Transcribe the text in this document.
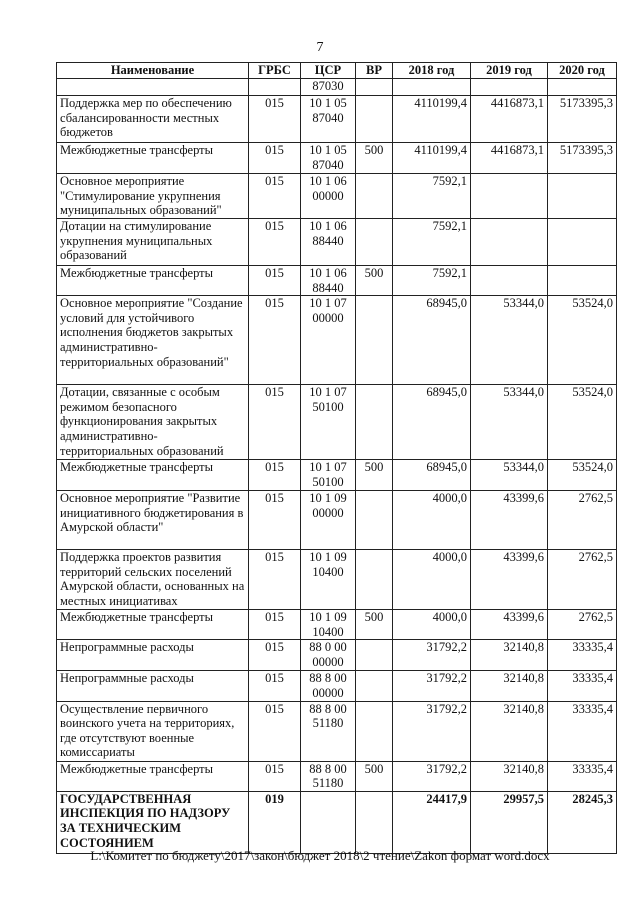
7
Наименование	ГРБС	ЦСР	ВР	2018 год	2019 год	2020 год
		87030				
Поддержка мер по обеспечению сбалансированности местных бюджетов	015	10 1 05 87040		4110199,4	4416873,1	5173395,3
Межбюджетные трансферты	015	10 1 05 87040	500	4110199,4	4416873,1	5173395,3
Основное мероприятие "Стимулирование укрупнения муниципальных образований"	015	10 1 06 00000		7592,1		
Дотации на стимулирование укрупнения муниципальных образований	015	10 1 06 88440		7592,1		
Межбюджетные трансферты	015	10 1 06 88440	500	7592,1		
Основное мероприятие "Создание условий для устойчивого исполнения бюджетов закрытых административно-территориальных образований"	015	10 1 07 00000		68945,0	53344,0	53524,0
Дотации, связанные с особым режимом безопасного функционирования закрытых административно-территориальных образований	015	10 1 07 50100		68945,0	53344,0	53524,0
Межбюджетные трансферты	015	10 1 07 50100	500	68945,0	53344,0	53524,0
Основное мероприятие "Развитие инициативного бюджетирования в Амурской области"	015	10 1 09 00000		4000,0	43399,6	2762,5
Поддержка проектов развития территорий сельских поселений Амурской области, основанных на местных инициативах	015	10 1 09 10400		4000,0	43399,6	2762,5
Межбюджетные трансферты	015	10 1 09 10400	500	4000,0	43399,6	2762,5
Непрограммные расходы	015	88 0 00 00000		31792,2	32140,8	33335,4
Непрограммные расходы	015	88 8 00 00000		31792,2	32140,8	33335,4
Осуществление первичного воинского учета на территориях, где отсутствуют военные комиссариаты	015	88 8 00 51180		31792,2	32140,8	33335,4
Межбюджетные трансферты	015	88 8 00 51180	500	31792,2	32140,8	33335,4
ГОСУДАРСТВЕННАЯ ИНСПЕКЦИЯ ПО НАДЗОРУ ЗА ТЕХНИЧЕСКИМ СОСТОЯНИЕМ	019			24417,9	29957,5	28245,3
L:\Комитет по бюджету\2017\закон\бюджет 2018\2 чтение\Zakon формат word.docx
